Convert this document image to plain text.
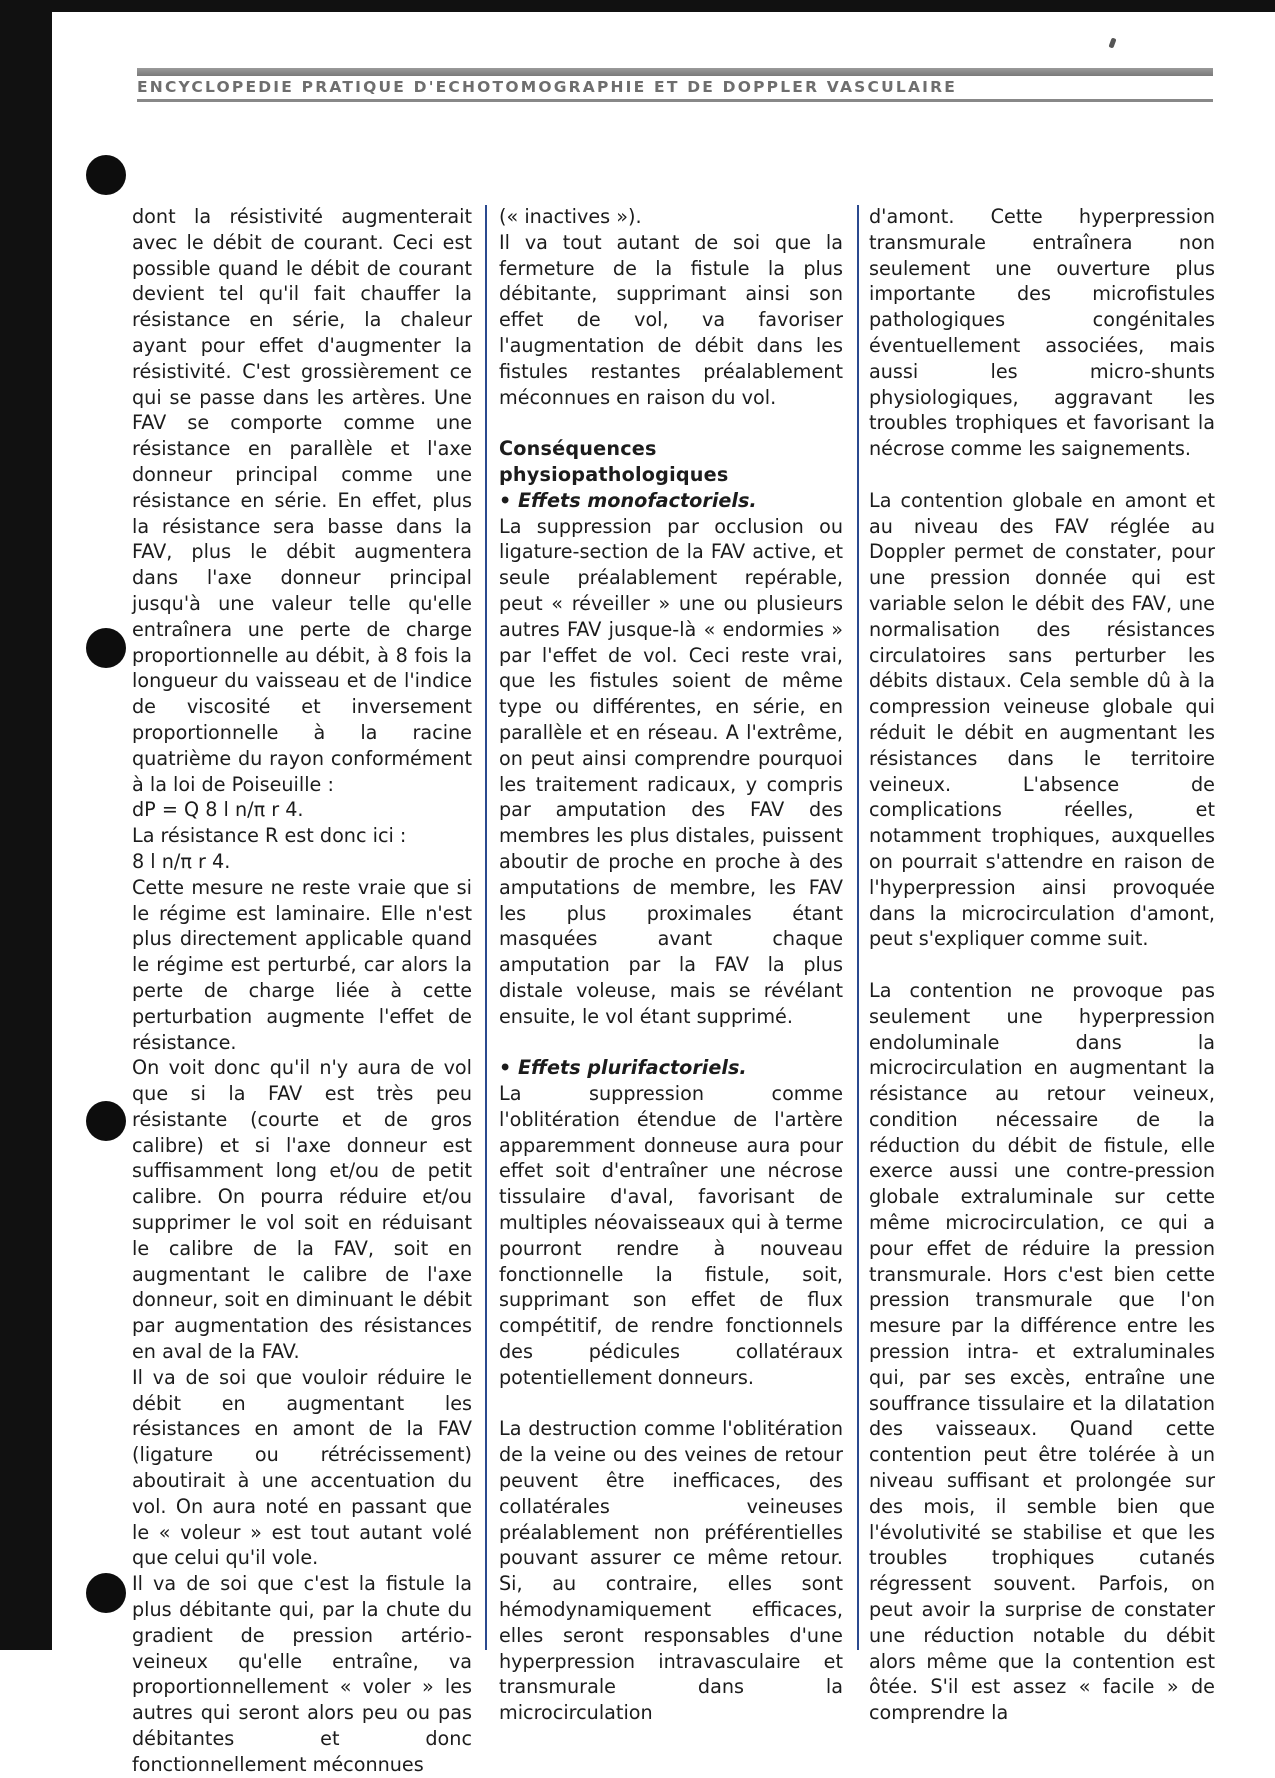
ENCYCLOPEDIE PRATIQUE D'ECHOTOMOGRAPHIE ET DE DOPPLER VASCULAIRE

dont la résistivité augmenterait avec le débit de courant. Ceci est possible quand le débit de courant devient tel qu'il fait chauffer la résistance en série, la chaleur ayant pour effet d'augmenter la résistivité. C'est grossièrement ce qui se passe dans les artères. Une FAV se comporte comme une résistance en parallèle et l'axe donneur principal comme une résistance en série. En effet, plus la résistance sera basse dans la FAV, plus le débit augmentera dans l'axe donneur principal jusqu'à une valeur telle qu'elle entraînera une perte de charge proportionnelle au débit, à 8 fois la longueur du vaisseau et de l'indice de viscosité et inversement proportionnelle à la racine quatrième du rayon conformément à la loi de Poiseuille :

dP = Q 8 l n/π r 4.

La résistance R est donc ici :

8 l n/π r 4.

Cette mesure ne reste vraie que si le régime est laminaire. Elle n'est plus directement applicable quand le régime est perturbé, car alors la perte de charge liée à cette perturbation augmente l'effet de résistance.

On voit donc qu'il n'y aura de vol que si la FAV est très peu résistante (courte et de gros calibre) et si l'axe donneur est suffisamment long et/ou de petit calibre. On pourra réduire et/ou supprimer le vol soit en réduisant le calibre de la FAV, soit en augmentant le calibre de l'axe donneur, soit en diminuant le débit par augmentation des résistances en aval de la FAV.

Il va de soi que vouloir réduire le débit en augmentant les résistances en amont de la FAV (ligature ou rétrécissement) aboutirait à une accentuation du vol. On aura noté en passant que le « voleur » est tout autant volé que celui qu'il vole.

Il va de soi que c'est la fistule la plus débitante qui, par la chute du gradient de pression artério-veineux qu'elle entraîne, va proportionnellement « voler » les autres qui seront alors peu ou pas débitantes et donc fonctionnellement méconnues

(« inactives »).

Il va tout autant de soi que la fermeture de la fistule la plus débitante, supprimant ainsi son effet de vol, va favoriser l'augmentation de débit dans les fistules restantes préalablement méconnues en raison du vol.

Conséquences physiopathologiques

• Effets monofactoriels.

La suppression par occlusion ou ligature-section de la FAV active, et seule préalablement repérable, peut « réveiller » une ou plusieurs autres FAV jusque-là « endormies » par l'effet de vol. Ceci reste vrai, que les fistules soient de même type ou différentes, en série, en parallèle et en réseau. A l'extrême, on peut ainsi comprendre pourquoi les traitement radicaux, y compris par amputation des FAV des membres les plus distales, puissent aboutir de proche en proche à des amputations de membre, les FAV les plus proximales étant masquées avant chaque amputation par la FAV la plus distale voleuse, mais se révélant ensuite, le vol étant supprimé.

• Effets plurifactoriels.

La suppression comme l'oblitération étendue de l'artère apparemment donneuse aura pour effet soit d'entraîner une nécrose tissulaire d'aval, favorisant de multiples néovaisseaux qui à terme pourront rendre à nouveau fonctionnelle la fistule, soit, supprimant son effet de flux compétitif, de rendre fonctionnels des pédicules collatéraux potentiellement donneurs.

La destruction comme l'oblitération de la veine ou des veines de retour peuvent être inefficaces, des collatérales veineuses préalablement non préférentielles pouvant assurer ce même retour. Si, au contraire, elles sont hémodynamiquement efficaces, elles seront responsables d'une hyperpression intravasculaire et transmurale dans la microcirculation

d'amont. Cette hyperpression transmurale entraînera non seulement une ouverture plus importante des microfistules pathologiques congénitales éventuellement associées, mais aussi les micro-shunts physiologiques, aggravant les troubles trophiques et favorisant la nécrose comme les saignements.

La contention globale en amont et au niveau des FAV réglée au Doppler permet de constater, pour une pression donnée qui est variable selon le débit des FAV, une normalisation des résistances circulatoires sans perturber les débits distaux. Cela semble dû à la compression veineuse globale qui réduit le débit en augmentant les résistances dans le territoire veineux. L'absence de complications réelles, et notamment trophiques, auxquelles on pourrait s'attendre en raison de l'hyperpression ainsi provoquée dans la microcirculation d'amont, peut s'expliquer comme suit.

La contention ne provoque pas seulement une hyperpression endoluminale dans la microcirculation en augmentant la résistance au retour veineux, condition nécessaire de la réduction du débit de fistule, elle exerce aussi une contre-pression globale extraluminale sur cette même microcirculation, ce qui a pour effet de réduire la pression transmurale. Hors c'est bien cette pression transmurale que l'on mesure par la différence entre les pression intra- et extraluminales qui, par ses excès, entraîne une souffrance tissulaire et la dilatation des vaisseaux. Quand cette contention peut être tolérée à un niveau suffisant et prolongée sur des mois, il semble bien que l'évolutivité se stabilise et que les troubles trophiques cutanés régressent souvent. Parfois, on peut avoir la surprise de constater une réduction notable du débit alors même que la contention est ôtée. S'il est assez « facile » de comprendre la
